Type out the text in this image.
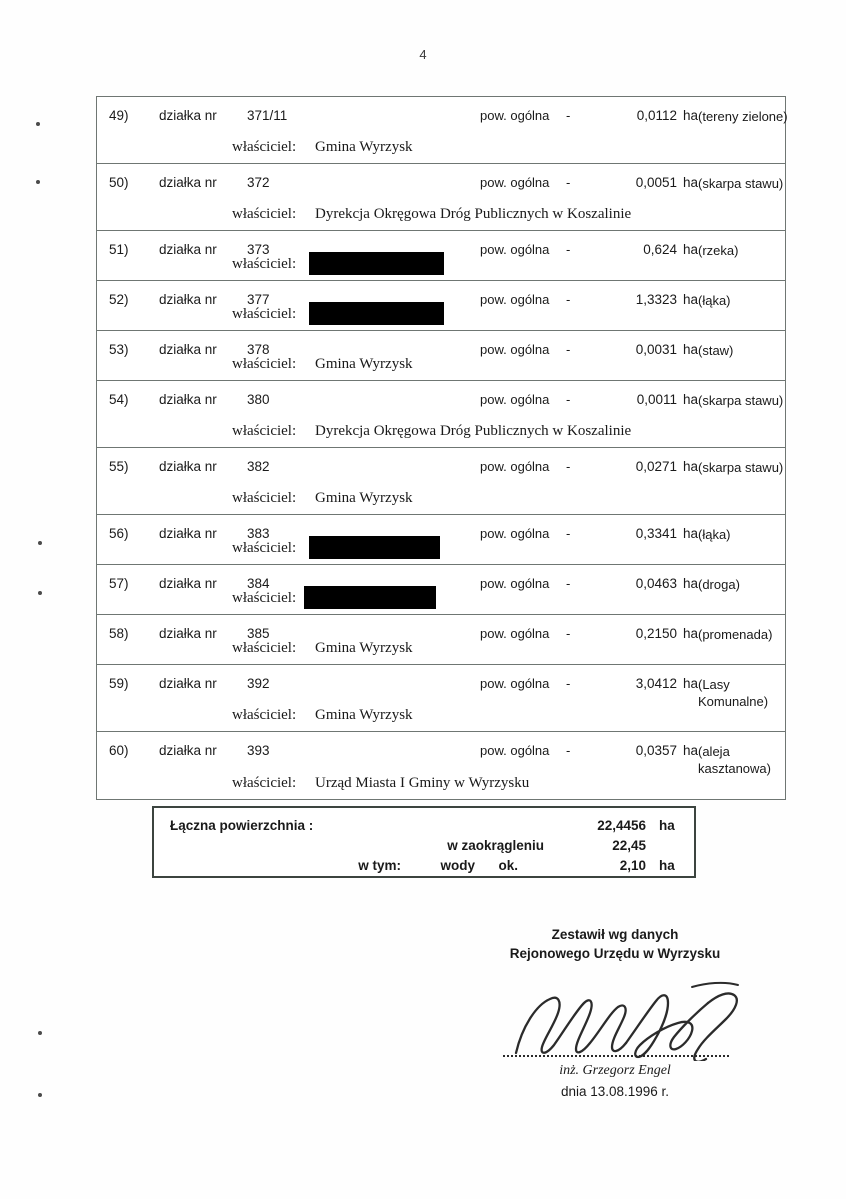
4
49) działka nr 371/11	pow. ogólna -	0,0112 ha (tereny zielone)
właściciel: Gmina Wyrzysk
50) działka nr 372	pow. ogólna -	0,0051 ha (skarpa stawu)
właściciel: Dyrekcja Okręgowa Dróg Publicznych w Koszalinie
51) działka nr 373	pow. ogólna -	0,624 ha (rzeka)
właściciel:
52) działka nr 377	pow. ogólna -	1,3323 ha (łąka)
właściciel:
53) działka nr 378	pow. ogólna -	0,0031 ha (staw)
właściciel: Gmina Wyrzysk
54) działka nr 380	pow. ogólna -	0,0011 ha (skarpa stawu)
właściciel: Dyrekcja Okręgowa Dróg Publicznych w Koszalinie
55) działka nr 382	pow. ogólna -	0,0271 ha (skarpa stawu)
właściciel: Gmina Wyrzysk
56) działka nr 383	pow. ogólna -	0,3341 ha (łąka)
właściciel:
57) działka nr 384	pow. ogólna -	0,0463 ha (droga)
właściciel:
58) działka nr 385	pow. ogólna -	0,2150 ha (promenada)
właściciel: Gmina Wyrzysk
59) działka nr 392	pow. ogólna -	3,0412 ha (Lasy Komunalne)
właściciel: Gmina Wyrzysk
60) działka nr 393	pow. ogólna -	0,0357 ha (aleja kasztanowa)
właściciel: Urząd Miasta I Gminy w Wyrzysku
Łączna powierzchnia :	22,4456 ha
w zaokrągleniu	22,45
w tym:	wody	ok.	2,10 ha
Zestawił wg danych
Rejonowego Urzędu w Wyrzysku
inż. Grzegorz Engel
dnia 13.08.1996 r.
